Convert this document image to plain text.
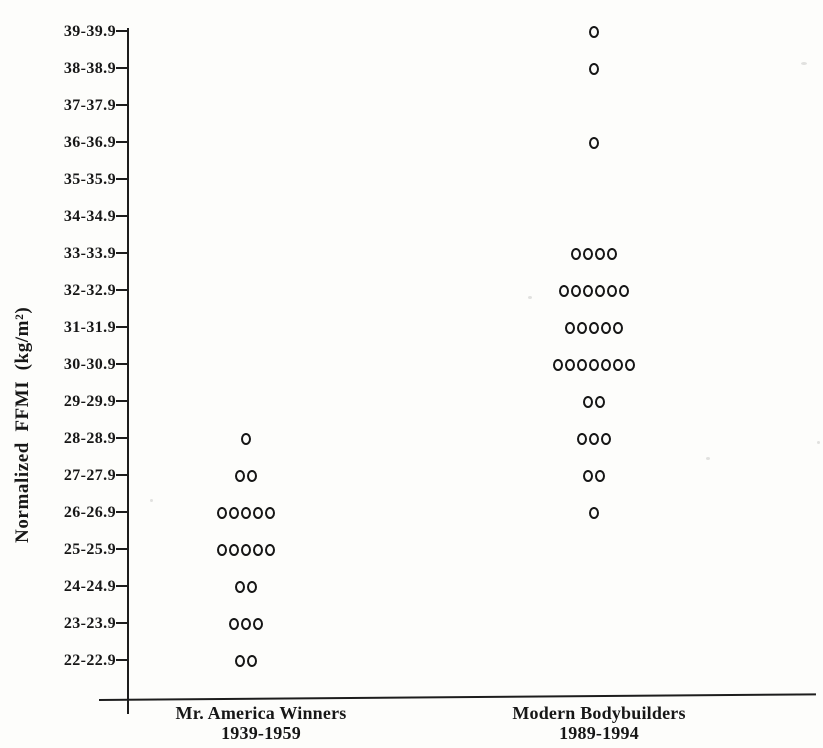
Normalized FFMI (kg/m²)
39-39.9
38-38.9
37-37.9
36-36.9
35-35.9
34-34.9
33-33.9
32-32.9
31-31.9
30-30.9
29-29.9
28-28.9
27-27.9
26-26.9
25-25.9
24-24.9
23-23.9
22-22.9
Mr. America Winners
1939-1959
Modern Bodybuilders
1989-1994
